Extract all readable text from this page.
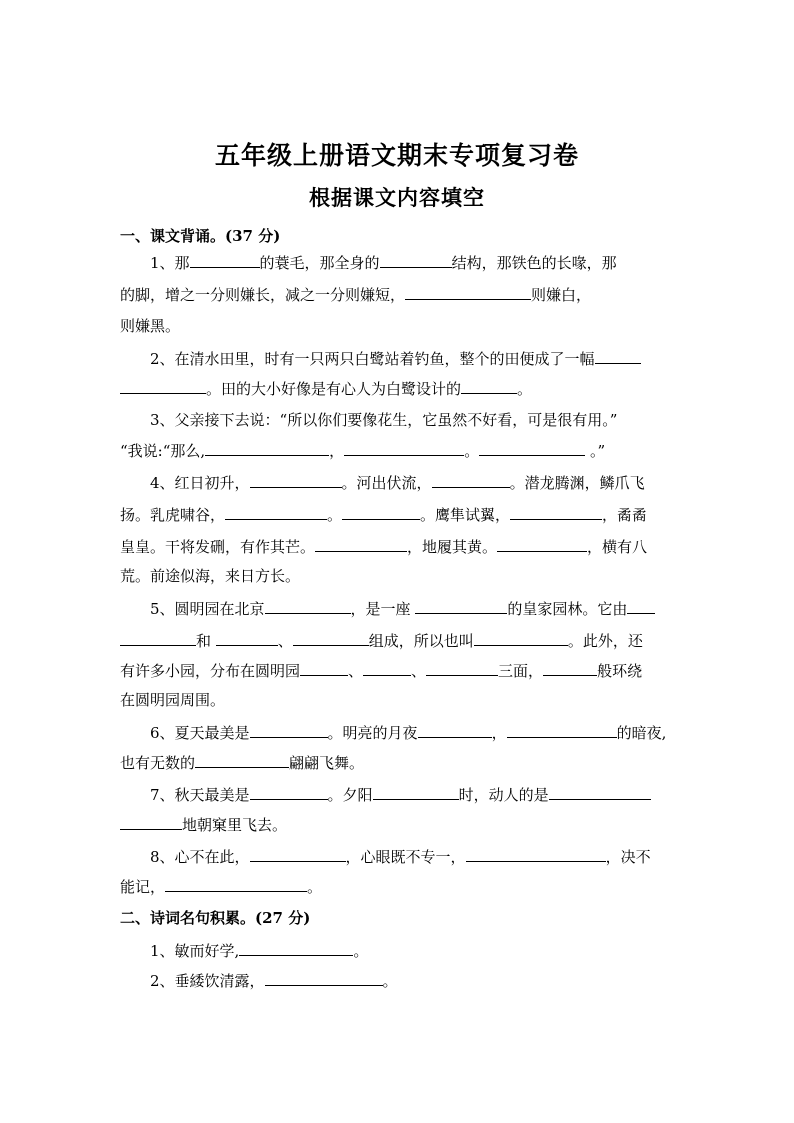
五年级上册语文期末专项复习卷
根据课文内容填空
一、课文背诵。(37 分)
1、那	的蓑毛，那全身的	结构，那铁色的长喙，那
的脚，增之一分则嫌长，减之一分则嫌短，	则嫌白，
则嫌黑。
2、在清水田里，时有一只两只白鹭站着钓鱼，整个的田便成了一幅
。田的大小好像是有心人为白鹭设计的	。
3、父亲接下去说：“所以你们要像花生，它虽然不好看，可是很有用。”
“我说:“那么,	，	。	。”
4、红日初升，	。河出伏流，	。潜龙腾渊，鳞爪飞
扬。乳虎啸谷，	。	。鹰隼试翼，	，矞矞
皇皇。干将发硎，有作其芒。	，地履其黄。	，横有八
荒。前途似海，来日方长。
5、圆明园在北京	，是一座	的皇家园林。它由
和	、	组成，所以也叫	。此外，还
有许多小园，分布在圆明园	、	、	三面，	般环绕
在圆明园周围。
6、夏天最美是	。明亮的月夜	，	的暗夜,
也有无数的	翩翩飞舞。
7、秋天最美是	。夕阳	时，动人的是
地朝窠里飞去。
8、心不在此，	，心眼既不专一，	，决不
能记，	。
二、诗词名句积累。(27 分)
1、敏而好学,	。
2、垂緌饮清露，	。
